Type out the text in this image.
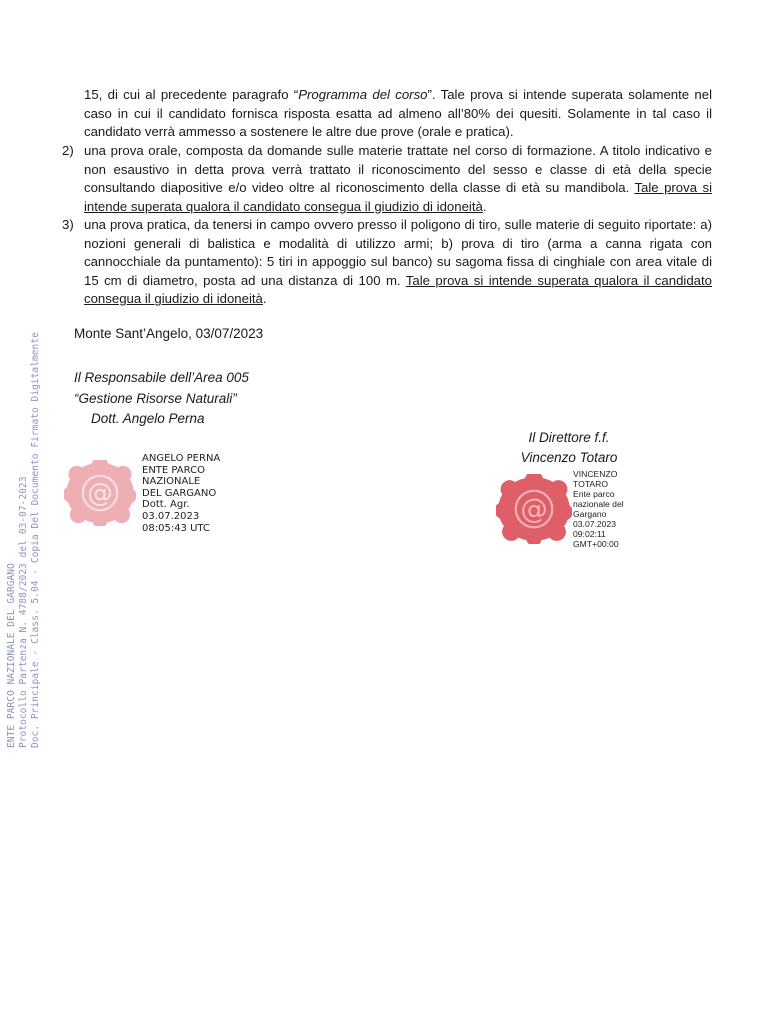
15, di cui al precedente paragrafo “Programma del corso”. Tale prova si intende superata solamente nel caso in cui il candidato fornisca risposta esatta ad almeno all’80% dei quesiti. Solamente in tal caso il candidato verrà ammesso a sostenere le altre due prove (orale e pratica).
2) una prova orale, composta da domande sulle materie trattate nel corso di formazione. A titolo indicativo e non esaustivo in detta prova verrà trattato il riconoscimento del sesso e classe di età della specie consultando diapositive e/o video oltre al riconoscimento della classe di età su mandibola. Tale prova si intende superata qualora il candidato consegua il giudizio di idoneità.
3) una prova pratica, da tenersi in campo ovvero presso il poligono di tiro, sulle materie di seguito riportate: a) nozioni generali di balistica e modalità di utilizzo armi; b) prova di tiro (arma a canna rigata con cannocchiale da puntamento): 5 tiri in appoggio sul banco) su sagoma fissa di cinghiale con area vitale di 15 cm di diametro, posta ad una distanza di 100 m. Tale prova si intende superata qualora il candidato consegua il giudizio di idoneità.
Monte Sant’Angelo, 03/07/2023
Il Responsabile dell’Area 005
“Gestione Risorse Naturali”
Dott. Angelo Perna
Il Direttore f.f.
Vincenzo Totaro
@
@
ANGELO PERNA
ENTE PARCO
NAZIONALE
DEL GARGANO
Dott. Agr.
03.07.2023
08:05:43 UTC
VINCENZO
TOTARO
Ente parco
nazionale del
Gargano
03.07.2023
09:02:11
GMT+00:00
ENTE PARCO NAZIONALE DEL GARGANO Protocollo Partenza N. 4788/2023 del 03-07-2023 Doc. Principale - Class. 5.04 - Copia Del Documento Firmato Digitalmente
